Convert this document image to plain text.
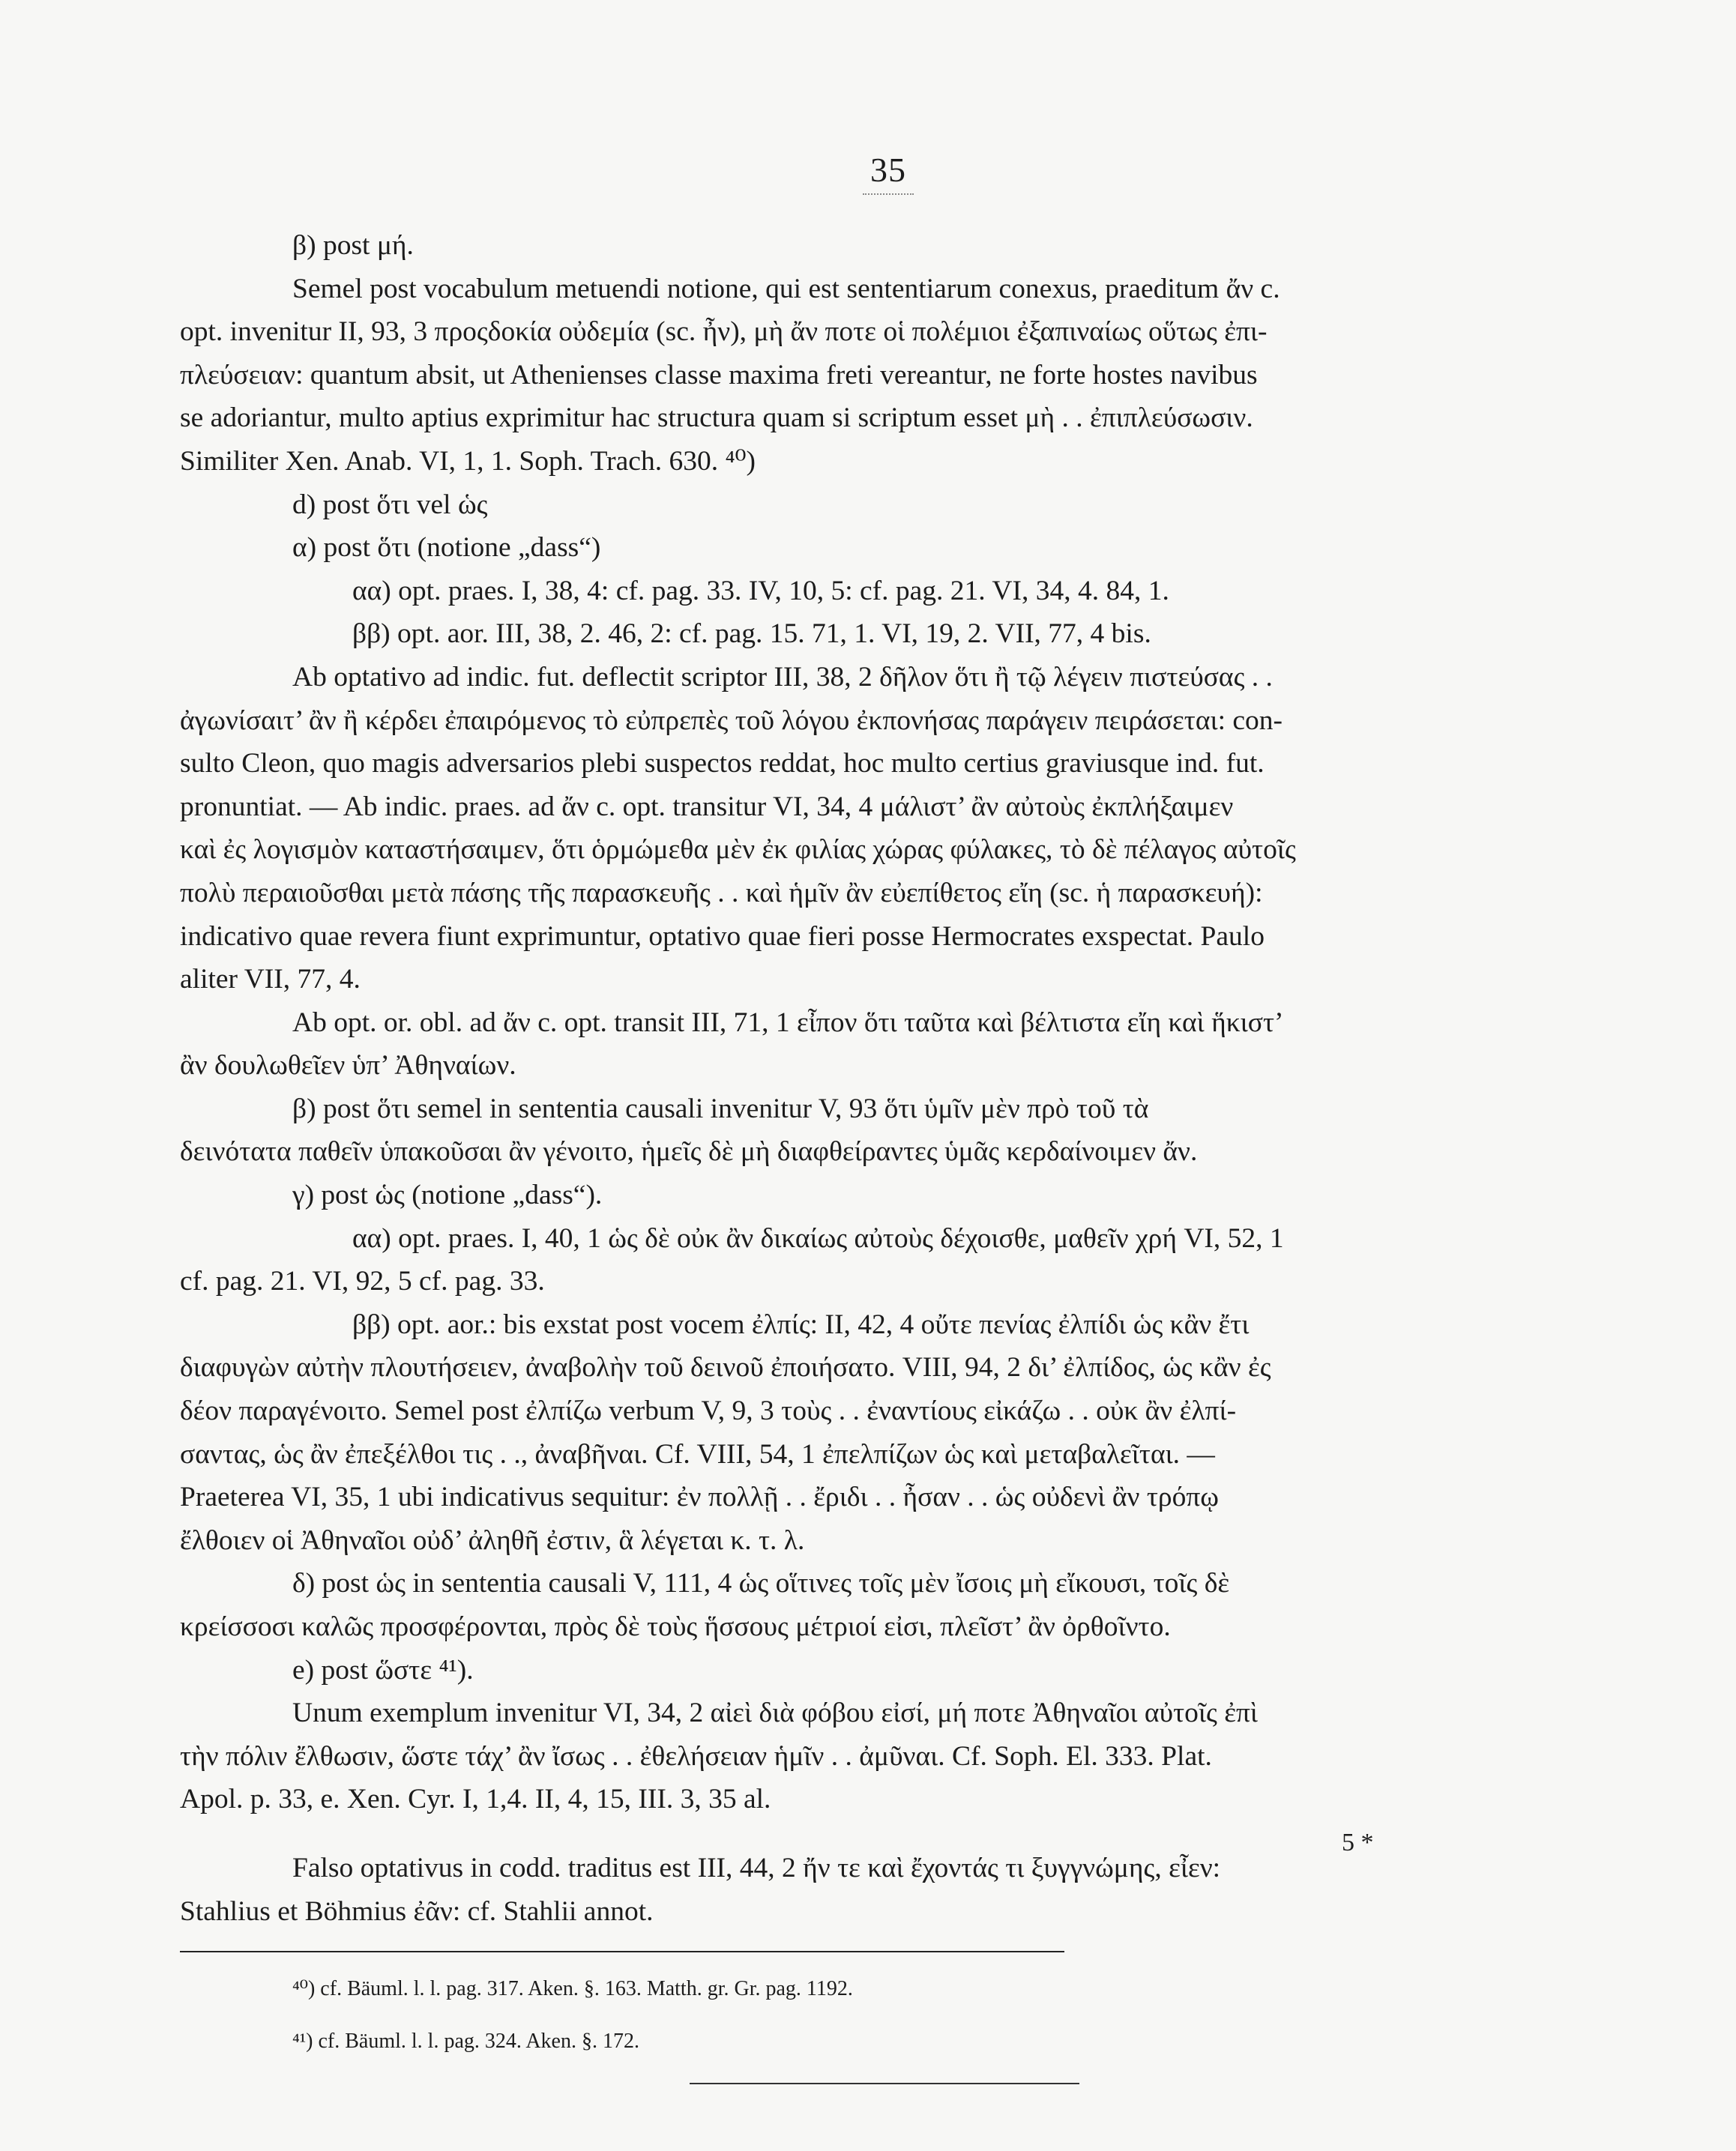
35

β) post μή.

Semel post vocabulum metuendi notione, qui est sententiarum conexus, praeditum ἄν c.

opt. invenitur II, 93, 3 προςδοκία οὐδεμία (sc. ἦν), μὴ ἄν ποτε οἱ πολέμιοι ἐξαπιναίως οὕτως ἐπι-

πλεύσειαν: quantum absit, ut Athenienses classe maxima freti vereantur, ne forte hostes navibus

se adoriantur, multo aptius exprimitur hac structura quam si scriptum esset μὴ . . ἐπιπλεύσωσιν.

Similiter Xen. Anab. VI, 1, 1. Soph. Trach. 630. ⁴⁰)

d) post ὅτι vel ὡς

α) post ὅτι (notione „dass“)

αα) opt. praes. I, 38, 4: cf. pag. 33. IV, 10, 5: cf. pag. 21. VI, 34, 4. 84, 1.

ββ) opt. aor. III, 38, 2. 46, 2: cf. pag. 15. 71, 1. VI, 19, 2. VII, 77, 4 bis.

Ab optativo ad indic. fut. deflectit scriptor III, 38, 2 δῆλον ὅτι ἢ τῷ λέγειν πιστεύσας . .

ἀγωνίσαιτ’ ἂν ἢ κέρδει ἐπαιρόμενος τὸ εὐπρεπὲς τοῦ λόγου ἐκπονήσας παράγειν πειράσεται: con-

sulto Cleon, quo magis adversarios plebi suspectos reddat, hoc multo certius graviusque ind. fut.

pronuntiat. — Ab indic. praes. ad ἄν c. opt. transitur VI, 34, 4 μάλιστ’ ἂν αὐτοὺς ἐκπλήξαιμεν

καὶ ἐς λογισμὸν καταστήσαιμεν, ὅτι ὁρμώμεθα μὲν ἐκ φιλίας χώρας φύλακες, τὸ δὲ πέλαγος αὐτοῖς

πολὺ περαιοῦσθαι μετὰ πάσης τῆς παρασκευῆς . . καὶ ἡμῖν ἂν εὐεπίθετος εἴη (sc. ἡ παρασκευή):

indicativo quae revera fiunt exprimuntur, optativo quae fieri posse Hermocrates exspectat. Paulo

aliter VII, 77, 4.

Ab opt. or. obl. ad ἄν c. opt. transit III, 71, 1 εἶπον ὅτι ταῦτα καὶ βέλτιστα εἴη καὶ ἥκιστ’

ἂν δουλωθεῖεν ὑπ’ Ἀθηναίων.

β) post ὅτι semel in sententia causali invenitur V, 93 ὅτι ὑμῖν μὲν πρὸ τοῦ τὰ

δεινότατα παθεῖν ὑπακοῦσαι ἂν γένοιτο, ἡμεῖς δὲ μὴ διαφθείραντες ὑμᾶς κερδαίνοιμεν ἄν.

γ) post ὡς (notione „dass“).

αα) opt. praes. I, 40, 1 ὡς δὲ οὐκ ἂν δικαίως αὐτοὺς δέχοισθε, μαθεῖν χρή VI, 52, 1

cf. pag. 21. VI, 92, 5 cf. pag. 33.

ββ) opt. aor.: bis exstat post vocem ἐλπίς: II, 42, 4 οὔτε πενίας ἐλπίδι ὡς κἂν ἔτι

διαφυγὼν αὐτὴν πλουτήσειεν, ἀναβολὴν τοῦ δεινοῦ ἐποιήσατο. VIII, 94, 2 δι’ ἐλπίδος, ὡς κἂν ἐς

δέον παραγένοιτο. Semel post ἐλπίζω verbum V, 9, 3 τοὺς . . ἐναντίους εἰκάζω . . οὐκ ἂν ἐλπί-

σαντας, ὡς ἂν ἐπεξέλθοι τις . ., ἀναβῆναι. Cf. VIII, 54, 1 ἐπελπίζων ὡς καὶ μεταβαλεῖται. —

Praeterea VI, 35, 1 ubi indicativus sequitur: ἐν πολλῇ . . ἔριδι . . ἦσαν . . ὡς οὐδενὶ ἂν τρόπῳ

ἔλθοιεν οἱ Ἀθηναῖοι οὐδ’ ἀληθῆ ἐστιν, ἃ λέγεται κ. τ. λ.

δ) post ὡς in sententia causali V, 111, 4 ὡς οἵτινες τοῖς μὲν ἴσοις μὴ εἴκουσι, τοῖς δὲ

κρείσσοσι καλῶς προσφέρονται, πρὸς δὲ τοὺς ἥσσους μέτριοί εἰσι, πλεῖστ’ ἂν ὀρθοῖντο.

e) post ὥστε ⁴¹).

Unum exemplum invenitur VI, 34, 2 αἰεὶ διὰ φόβου εἰσί, μή ποτε Ἀθηναῖοι αὐτοῖς ἐπὶ

τὴν πόλιν ἔλθωσιν, ὥστε τάχ’ ἂν ἴσως . . ἐθελήσειαν ἡμῖν . . ἀμῦναι. Cf. Soph. El. 333. Plat.

Apol. p. 33, e. Xen. Cyr. I, 1,4. II, 4, 15, III. 3, 35 al.

Falso optativus in codd. traditus est III, 44, 2 ἤν τε καὶ ἔχοντάς τι ξυγγνώμης, εἶεν:

Stahlius et Böhmius ἐᾶν: cf. Stahlii annot.

⁴⁰) cf. Bäuml. l. l. pag. 317. Aken. §. 163. Matth. gr. Gr. pag. 1192.

⁴¹) cf. Bäuml. l. l. pag. 324. Aken. §. 172.

5 *
